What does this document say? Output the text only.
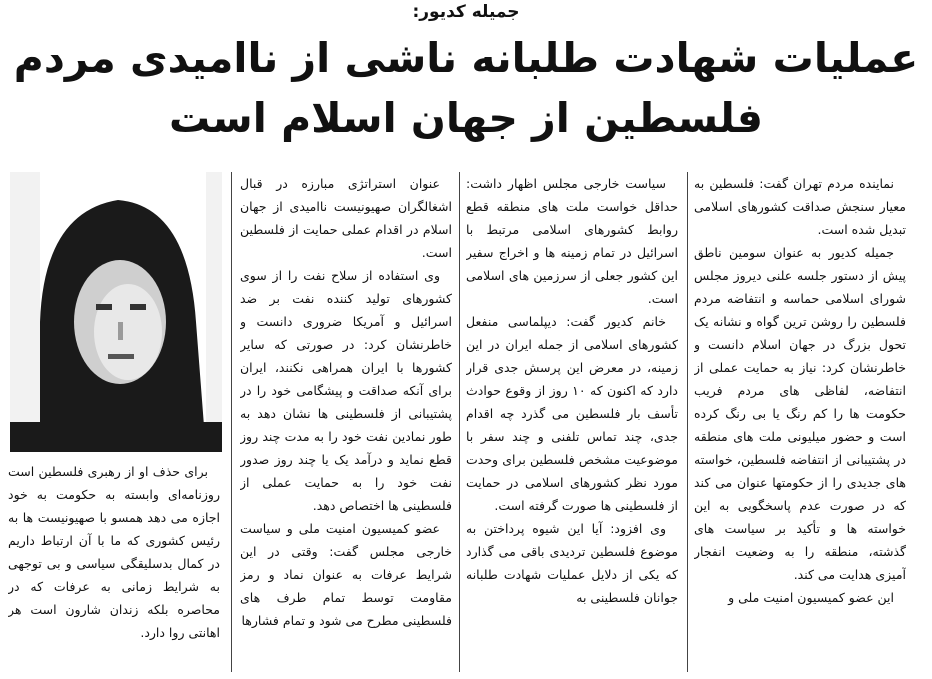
جمیله کدیور:
عملیات شهادت طلبانه ناشی از ناامیدی مردم فلسطین از جهان اسلام است

نماینده مردم تهران گفت: فلسطین به معیار سنجش صداقت کشورهای اسلامی تبدیل شده است.

جمیله کدیور به عنوان سومین ناطق پیش از دستور جلسه علنی دیروز مجلس شورای اسلامی حماسه و انتفاضه مردم فلسطین را روشن ترین گواه و نشانه یک تحول بزرگ در جهان اسلام دانست و خاطرنشان کرد: نیاز به حمایت عملی از انتفاضه، لفاظی های مردم فریب حکومت ها را کم رنگ یا بی رنگ کرده است و حضور میلیونی ملت های منطقه در پشتیبانی از انتفاضه فلسطین، خواسته های جدیدی را از حکومتها عنوان می کند که در صورت عدم پاسخگویی به این خواسته ها و تأکید بر سیاست های گذشته، منطقه را به وضعیت انفجار آمیزی هدایت می کند.

این عضو کمیسیون امنیت ملی و

سیاست خارجی مجلس اظهار داشت: حداقل خواست ملت های منطقه قطع روابط کشورهای اسلامی مرتبط با اسرائیل در تمام زمینه ها و اخراج سفیر این کشور جعلی از سرزمین های اسلامی است.

خانم کدیور گفت: دیپلماسی منفعل کشورهای اسلامی از جمله ایران در این زمینه، در معرض این پرسش جدی قرار دارد که اکنون که ۱۰ روز از وقوع حوادث تأسف بار فلسطین می گذرد چه اقدام جدی، چند تماس تلفنی و چند سفر با موضوعیت مشخص فلسطین برای وحدت مورد نظر کشورهای اسلامی در حمایت از فلسطینی ها صورت گرفته است.

وی افزود: آیا این شیوه پرداختن به موضوع فلسطین تردیدی باقی می گذارد که یکی از دلایل عملیات شهادت طلبانه جوانان فلسطینی به

عنوان استراتژی مبارزه در قبال اشغالگران صهیونیست ناامیدی از جهان اسلام در اقدام عملی حمایت از فلسطین است.

وی استفاده از سلاح نفت را از سوی کشورهای تولید کننده نفت بر ضد اسرائیل و آمریکا ضروری دانست و خاطرنشان کرد: در صورتی که سایر کشورها با ایران همراهی نکنند، ایران برای آنکه صداقت و پیشگامی خود را در پشتیبانی از فلسطینی ها نشان دهد به طور نمادین نفت خود را به مدت چند روز قطع نماید و درآمد یک یا چند روز صدور نفت خود را به حمایت عملی از فلسطینی ها اختصاص دهد.

عضو کمیسیون امنیت ملی و سیاست خارجی مجلس گفت: وقتی در این شرایط عرفات به عنوان نماد و رمز مقاومت توسط تمام طرف های فلسطینی مطرح می شود و تمام فشارها

برای حذف او از رهبری فلسطین است روزنامه‌ای وابسته به حکومت به خود اجازه می دهد همسو با صهیونیست ها به رئیس کشوری که ما با آن ارتباط داریم در کمال بدسلیقگی سیاسی و بی توجهی به شرایط زمانی به عرفات که در محاصره بلکه زندان شارون است هر اهانتی روا دارد.
